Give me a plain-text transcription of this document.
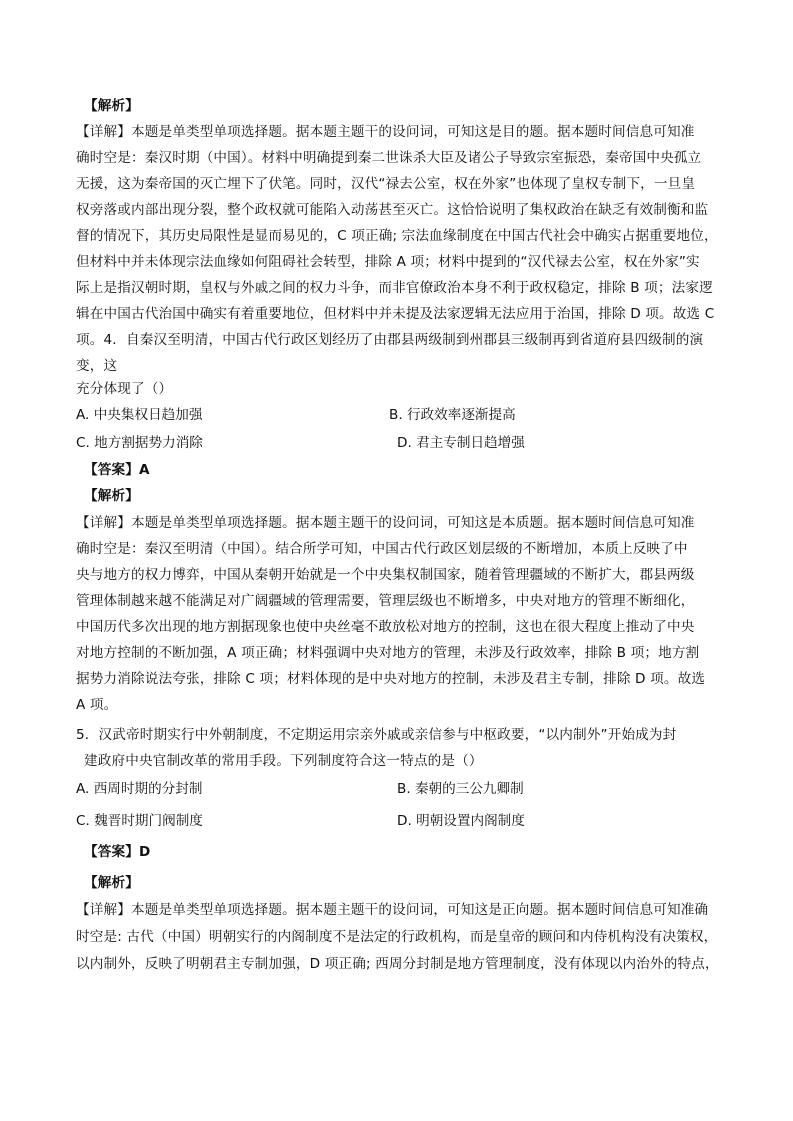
【解析】
【详解】本题是单类型单项选择题。据本题主题干的设问词，可知这是目的题。据本题时间信息可知准
确时空是：秦汉时期（中国）。材料中明确提到秦二世诛杀大臣及诸公子导致宗室振恐，秦帝国中央孤立
无援，这为秦帝国的灭亡埋下了伏笔。同时，汉代“禄去公室，权在外家”也体现了皇权专制下，一旦皇
权旁落或内部出现分裂，整个政权就可能陷入动荡甚至灭亡。这恰恰说明了集权政治在缺乏有效制衡和监
督的情况下，其历史局限性是显而易见的，C 项正确; 宗法血缘制度在中国古代社会中确实占据重要地位，
但材料中并未体现宗法血缘如何阻碍社会转型，排除 A 项；材料中提到的“汉代禄去公室，权在外家”实
际上是指汉朝时期，皇权与外戚之间的权力斗争，而非官僚政治本身不利于政权稳定，排除 B 项；法家逻
辑在中国古代治国中确实有着重要地位，但材料中并未提及法家逻辑无法应用于治国，排除 D 项。故选 C
项。4．自秦汉至明清，中国古代行政区划经历了由郡县两级制到州郡县三级制再到省道府县四级制的演
变，这
充分体现了（）
A. 中央集权日趋加强	B. 行政效率逐渐提高
C. 地方割据势力消除	D. 君主专制日趋增强
【答案】A
【解析】
【详解】本题是单类型单项选择题。据本题主题干的设问词，可知这是本质题。据本题时间信息可知准
确时空是：秦汉至明清（中国）。结合所学可知，中国古代行政区划层级的不断增加，本质上反映了中
央与地方的权力博弈，中国从秦朝开始就是一个中央集权制国家，随着管理疆域的不断扩大，郡县两级
管理体制越来越不能满足对广阔疆域的管理需要，管理层级也不断增多，中央对地方的管理不断细化，
中国历代多次出现的地方割据现象也使中央丝毫不敢放松对地方的控制，这也在很大程度上推动了中央
对地方控制的不断加强，A 项正确；材料强调中央对地方的管理，未涉及行政效率，排除 B 项；地方割
据势力消除说法夸张，排除 C 项；材料体现的是中央对地方的控制，未涉及君主专制，排除 D 项。故选
A 项。
5．汉武帝时期实行中外朝制度，不定期运用宗亲外戚或亲信参与中枢政要，“以内制外”开始成为封
建政府中央官制改革的常用手段。下列制度符合这一特点的是（）
A. 西周时期的分封制	B. 秦朝的三公九卿制
C. 魏晋时期门阀制度	D. 明朝设置内阁制度
【答案】D
【解析】
【详解】本题是单类型单项选择题。据本题主题干的设问词，可知这是正向题。据本题时间信息可知准确
时空是: 古代（中国）明朝实行的内阁制度不是法定的行政机构，而是皇帝的顾问和内侍机构没有决策权，
以内制外，反映了明朝君主专制加强，D 项正确; 西周分封制是地方管理制度，没有体现以内治外的特点，
